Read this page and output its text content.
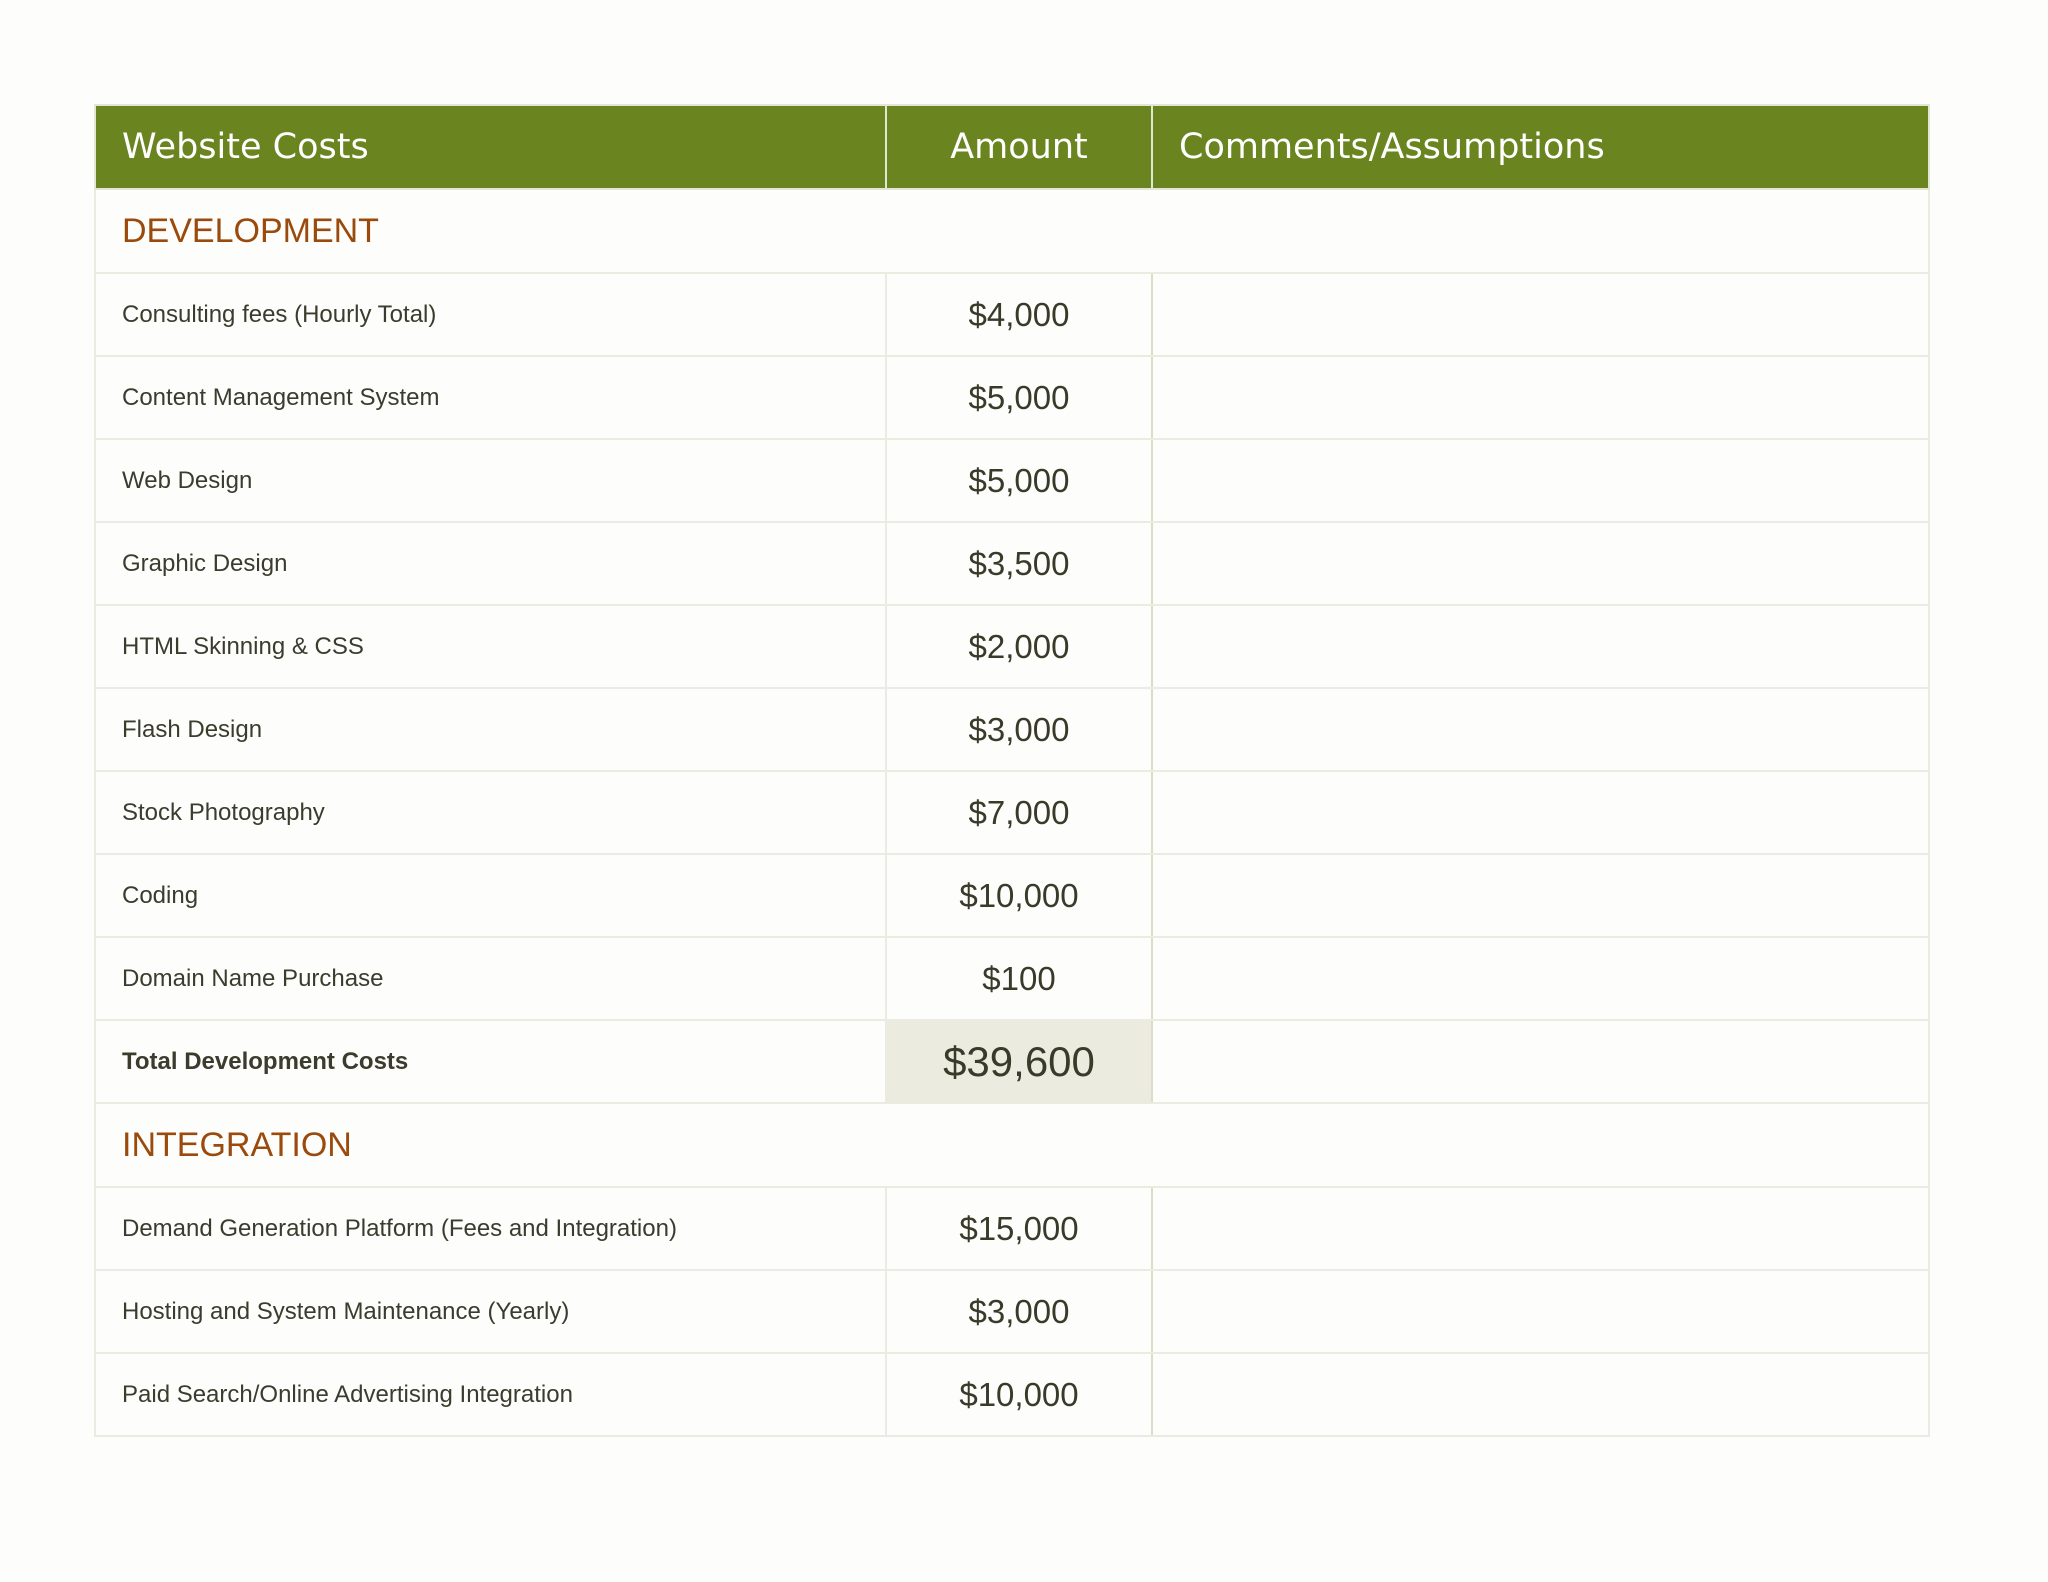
Website Costs	Amount	Comments/Assumptions
DEVELOPMENT		
Consulting fees (Hourly Total)	$4,000	
Content Management System	$5,000	
Web Design	$5,000	
Graphic Design	$3,500	
HTML Skinning & CSS	$2,000	
Flash Design	$3,000	
Stock Photography	$7,000	
Coding	$10,000	
Domain Name Purchase	$100	
Total Development Costs	$39,600	
INTEGRATION		
Demand Generation Platform (Fees and Integration)	$15,000	
Hosting and System Maintenance (Yearly)	$3,000	
Paid Search/Online Advertising Integration	$10,000	
